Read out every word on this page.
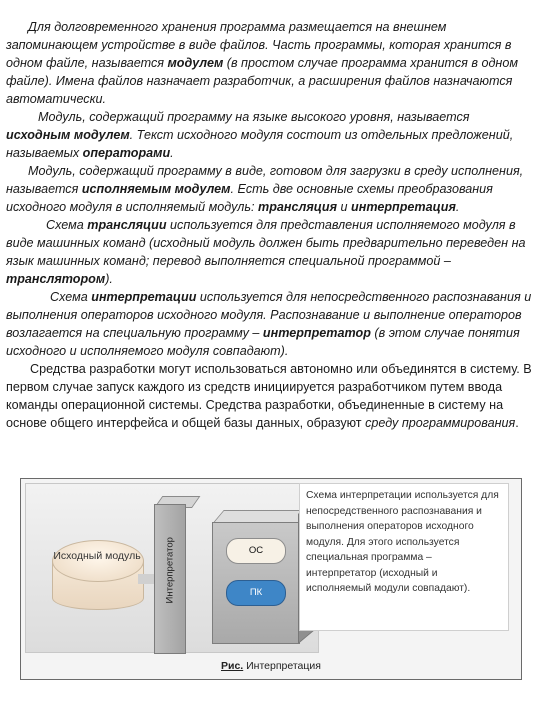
Для долговременного хранения программа размещается на внешнем запоминающем устройстве в виде файлов. Часть программы, которая хранится в одном файле, называется модулем (в простом случае программа хранится в одном файле). Имена файлов назначает разработчик, а расширения файлов назначаются автоматически.

Модуль, содержащий программу на языке высокого уровня, называется исходным модулем. Текст исходного модуля состоит из отдельных предложений, называемых операторами.

Модуль, содержащий программу в виде, готовом для загрузки в среду исполнения, называется исполняемым модулем. Есть две основные схемы преобразования исходного модуля в исполняемый модуль: трансляция и интерпретация.

Схема трансляции используется для представления исполняемого модуля в виде машинных команд (исходный модуль должен быть предварительно переведен на язык машинных команд; перевод выполняется специальной программой – транслятором).

Схема интерпретации используется для непосредственного распознавания и выполнения операторов исходного модуля. Распознавание и выполнение операторов возлагается на специальную программу – интерпретатор (в этом случае понятия исходного и исполняемого модуля совпадают).

Средства разработки могут использоваться автономно или объединятся в систему. В первом случае запуск каждого из средств инициируется разработчиком путем ввода команды операционной системы. Средства разработки, объединенные в систему на основе общего интерфейса и общей базы данных, образуют среду программирования.

Исходный модуль	Интерпретатор	ОС
ПК
Схема интерпретации используется для непосредственного распознавания и выполнения операторов исходного модуля. Для этого используется специальная программа – интерпретатор (исходный и исполняемый модули совпадают).
Рис. Интерпретация
